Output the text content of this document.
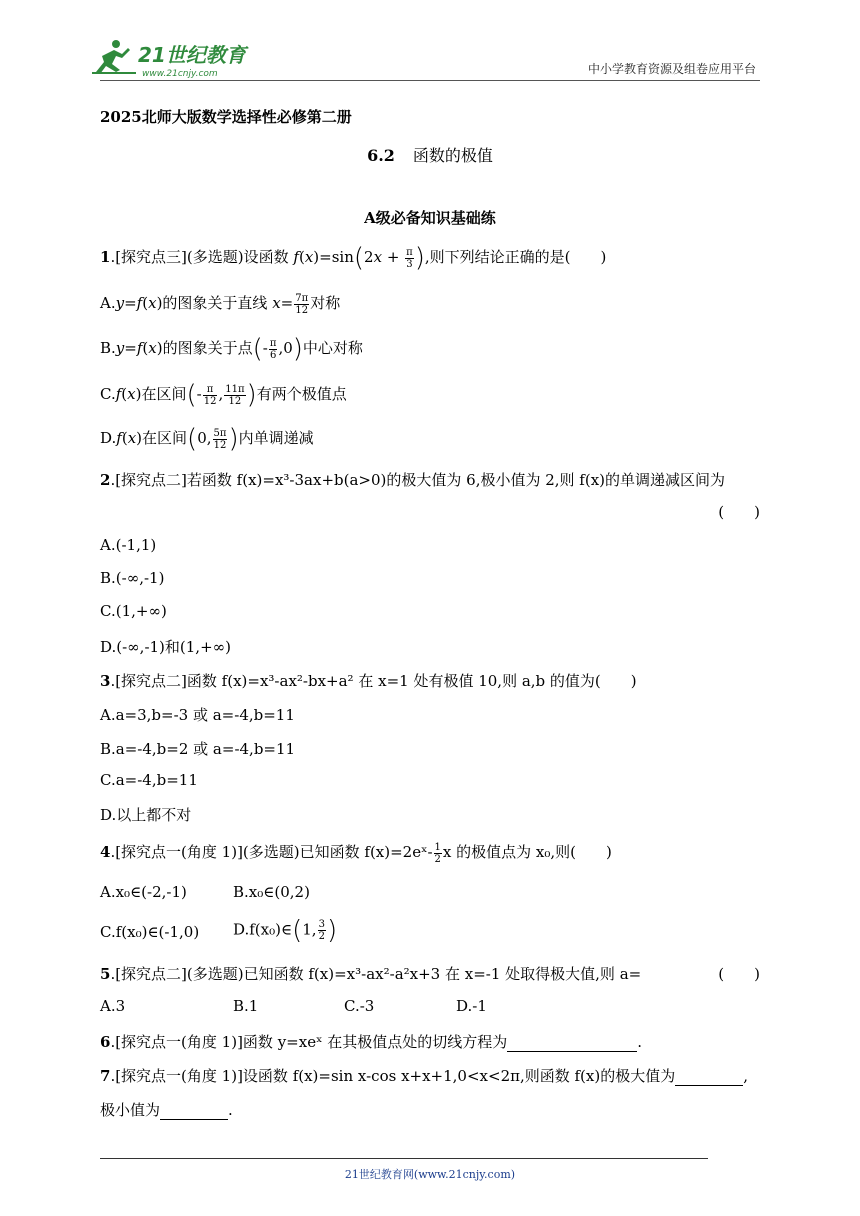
21世纪教育
www.21cnjy.com	中小学教育资源及组卷应用平台
2025北师大版数学选择性必修第二册
6.2 函数的极值
A级必备知识基础练
1.[探究点三](多选题)设函数 $f(x)=\sin(2x + \frac{\pi}{3}$ ),则下列结论正确的是(　　)
A.y=f(x)的图象关于直线 $x= \frac{7\pi}{12}$ 对称
B.y=f(x)的图象关于点(- $\frac{\pi}{6} ,0$)中心对称
C.f(x)在区间(- $\frac{\pi}{12}$ , $\frac{11\pi}{12}$ )有两个极值点
D.f(x)在区间(0, $\frac{5\pi}{12}$ )内单调递减
2.[探究点二]若函数 f(x)=x³-3ax+b(a>0)的极大值为 6,极小值为 2,则 f(x)的单调递减区间为
(　　)
A.(-1,1)
B.(-∞,-1)
C.(1,+∞)
D.(-∞,-1)和(1,+∞)
3.[探究点二]函数 f(x)=x³-ax²-bx+a² 在 x=1 处有极值 10,则 a,b 的值为(　　)
A.a=3,b=-3 或 a=-4,b=11
B.a=-4,b=2 或 a=-4,b=11
C.a=-4,b=11
D.以上都不对
4.[探究点一(角度 1)](多选题)已知函数 f(x)=2eˣ- $\frac{1}{2}$ x 的极值点为 x₀,则(　　)
A.x₀∈(-2,-1)	B.x₀∈(0,2)
C.f(x₀)∈(-1,0) D.f(x₀)∈(1, $\frac{3}{2}$ )
5.[探究点二](多选题)已知函数 f(x)=x³-ax²-a²x+3 在 x=-1 处取得极大值,则 a=	(　　)
A.3	B.1	C.-3	D.-1
6.[探究点一(角度 1)]函数 y=xeˣ 在其极值点处的切线方程为	.
7.[探究点一(角度 1)]设函数 f(x)=sin x-cos x+x+1,0<x<2π,则函数 f(x)的极大值为	,
极小值为	.
21世纪教育网(www.21cnjy.com)
